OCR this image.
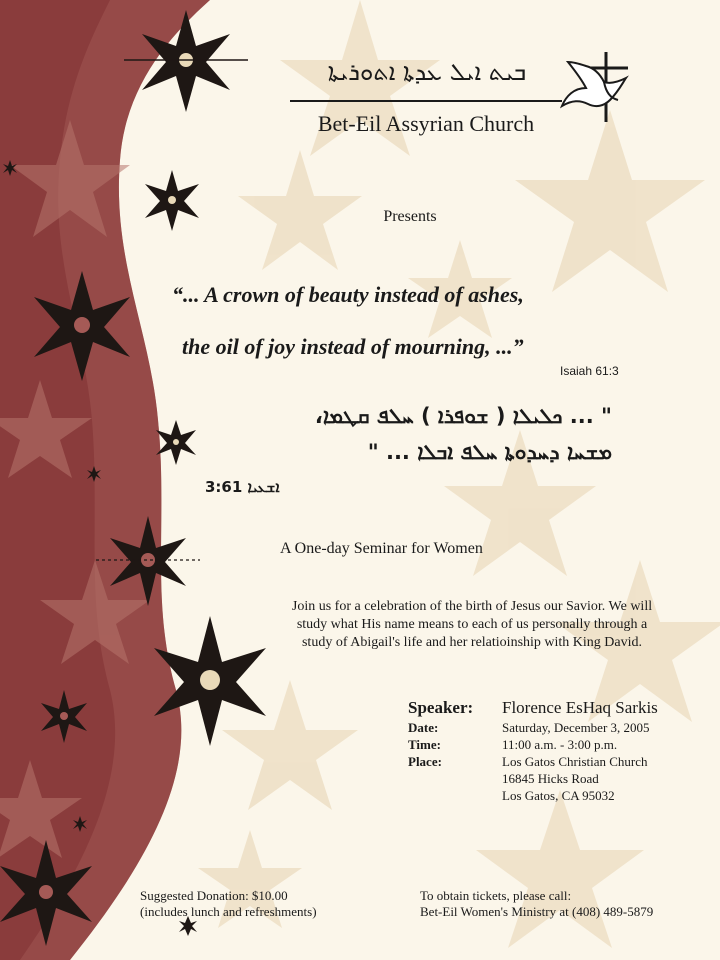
ܒܝܬ ܐܝܠ ܥܕܬܐ ܐܬܘܪܝܬܐ
Bet-Eil Assyrian Church
Presents
“... A crown of beauty instead of ashes,
the oil of joy instead of mourning, ...”
Isaiah 61:3
" ... ܟܠܝܠܐ ( ܫܘܦܪܐ ) ܚܠܦ ܩܛܡܐ،
ܡܫܚܐ ܕܚܕܘܬܐ ܚܠܦ ܐܒܠܐ ... "
ܐܫܥܝܐ 3:61
A One-day Seminar for Women
Join us for a celebration of the birth of Jesus our Savior. We will
study what His name means to each of us personally through a
study of Abigail's life and her relatioinship with King David.
Speaker:	Florence EsHaq Sarkis
Date:	Saturday, December 3, 2005
Time:	11:00 a.m. - 3:00 p.m.
Place:	Los Gatos Christian Church
16845 Hicks Road
Los Gatos, CA 95032
Suggested Donation: $10.00
(includes lunch and refreshments)
To obtain tickets, please call:
Bet-Eil Women's Ministry at (408) 489-5879
